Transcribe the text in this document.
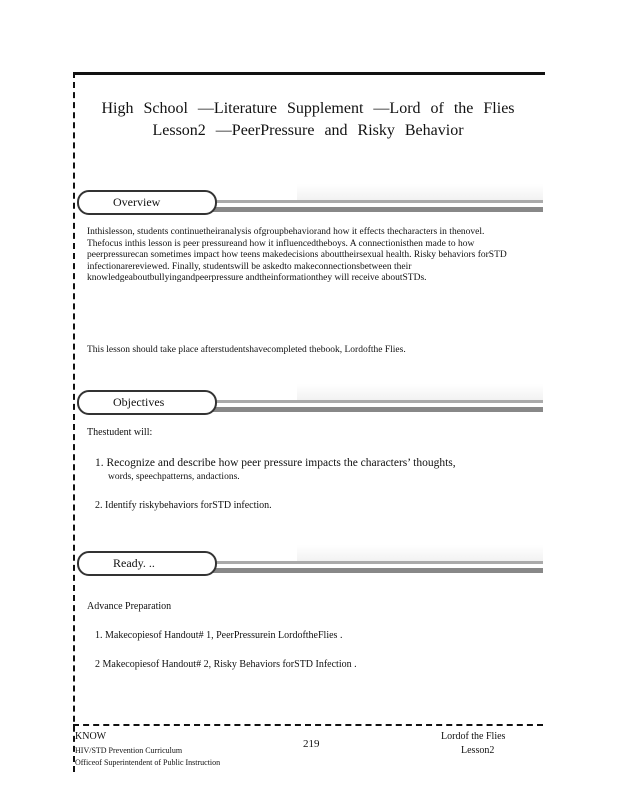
High School —Literature Supplement —Lord of the Flies
Lesson2 —PeerPressure and Risky Behavior
Overview
Inthislesson, students continuetheiranalysis ofgroupbehaviorand how it effects thecharacters in thenovel. Thefocus inthis lesson is peer pressureand how it influencedtheboys. A connectionisthen made to how peerpressurecan sometimes impact how teens makedecisions abouttheirsexual health. Risky behaviors forSTD infectionarereviewed. Finally, studentswill be askedto makeconnectionsbetween their knowledgeaboutbullyingandpeerpressure andtheinformationthey will receive aboutSTDs.
This lesson should take place afterstudentshavecompleted thebook, Lordofthe Flies.
Objectives
Thestudent will:
1. Recognize and describe how peer pressure impacts the characters’ thoughts,
words, speechpatterns, andactions.
2. Identify riskybehaviors forSTD infection.
Ready. ..
Advance Preparation
1. Makecopiesof Handout# 1, PeerPressurein LordoftheFlies .
2 Makecopiesof Handout# 2, Risky Behaviors forSTD Infection .
KNOW
HIV/STD Prevention Curriculum
Officeof Superintendent of Public Instruction
219
Lordof the Flies
Lesson2
